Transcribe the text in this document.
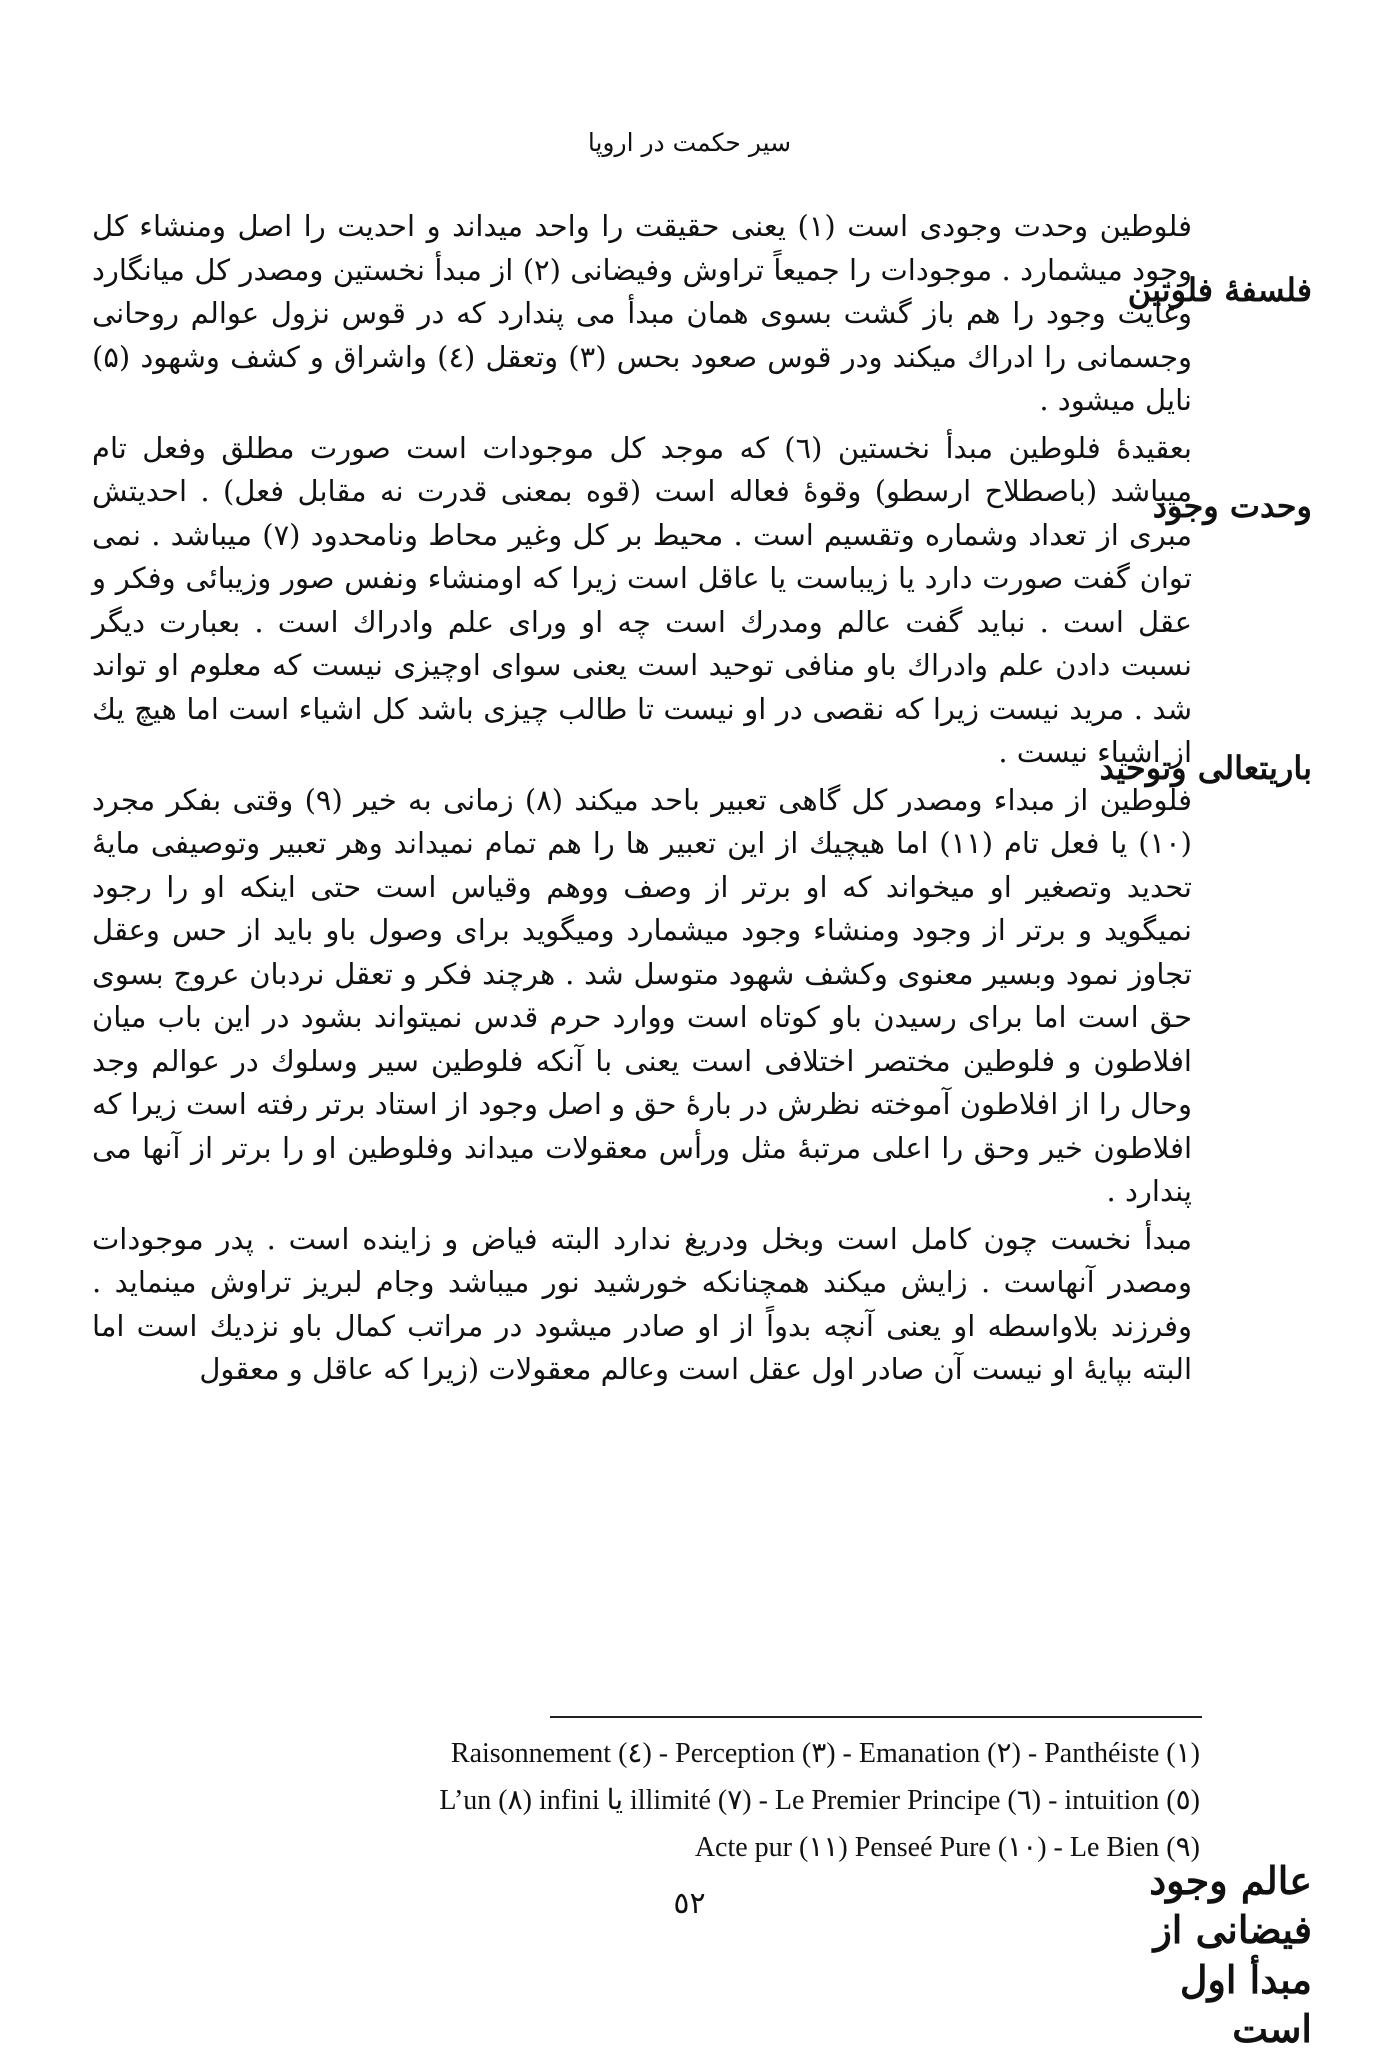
سیر حکمت در اروپا
فلسفهٔ فلوتین
وحدت وجود
باریتعالی وتوحید
عالم وجود فیضانی از مبدأ اول است

فلوطین وحدت وجودی است (۱) یعنی حقیقت را واحد میداند و احدیت را اصل ومنشاء کل وجود میشمارد . موجودات را جمیعاً تراوش وفیضانی (۲) از مبدأ نخستین ومصدر کل میانگارد وغایت وجود را هم باز گشت بسوی همان مبدأ می پندارد که در قوس نزول عوالم روحانی وجسمانی را ادراك میکند ودر قوس صعود بحس (۳) وتعقل (٤) واشراق و کشف وشهود (۵) نایل میشود .

بعقیدهٔ فلوطین مبدأ نخستین (٦) که موجد کل موجودات است صورت مطلق وفعل تام میباشد (باصطلاح ارسطو) وقوهٔ فعاله است (قوه بمعنی قدرت نه مقابل فعل) . احدیتش مبری از تعداد وشماره وتقسیم است . محیط بر کل وغیر محاط ونامحدود (۷) میباشد . نمی توان گفت صورت دارد یا زیباست یا عاقل است زیرا که اومنشاء ونفس صور وزیبائی وفکر و عقل است . نباید گفت عالم ومدرك است چه او ورای علم وادراك است . بعبارت دیگر نسبت دادن علم وادراك باو منافی توحید است یعنی سوای اوچیزی نیست که معلوم او تواند شد . مرید نیست زیرا که نقصی در او نیست تا طالب چیزی باشد کل اشیاء است اما هیچ یك از اشیاء نیست .

فلوطین از مبداء ومصدر کل گاهی تعبیر باحد میکند (۸) زمانی به خیر (۹) وقتی بفکر مجرد (۱۰) یا فعل تام (۱۱) اما هیچیك از این تعبیر ها را هم تمام نمیداند وهر تعبیر وتوصیفی مایهٔ تحدید وتصغیر او میخواند که او برتر از وصف ووهم وقیاس است حتی اینکه او را رجود نمیگوید و برتر از وجود ومنشاء وجود میشمارد ومیگوید برای وصول باو باید از حس وعقل تجاوز نمود وبسیر معنوی وکشف شهود متوسل شد . هرچند فکر و تعقل نردبان عروج بسوی حق است اما برای رسیدن باو کوتاه است ووارد حرم قدس نمیتواند بشود در این باب میان افلاطون و فلوطین مختصر اختلافی است یعنی با آنکه فلوطین سیر وسلوك در عوالم وجد وحال را از افلاطون آموخته نظرش در بارهٔ حق و اصل وجود از استاد برتر رفته است زیرا که افلاطون خیر وحق را اعلی مرتبهٔ مثل ورأس معقولات میداند وفلوطین او را برتر از آنها می پندارد .

مبدأ نخست چون کامل است وبخل ودریغ ندارد البته فیاض و زاینده است . پدر موجودات ومصدر آنهاست . زایش میکند همچنانکه خورشید نور میباشد وجام لبریز تراوش مینماید . وفرزند بلاواسطه او یعنی آنچه بدواً از او صادر میشود در مراتب کمال باو نزدیك است اما البته بپایهٔ او نیست آن صادر اول عقل است وعالم معقولات (زیرا که عاقل و معقول

Raisonnement (٤) - Perception (٣) - Emanation (٢) - Panthéiste (١)
L’un (٨) infini يا illimité (٧) - Le Premier Principe (٦) - intuition (٥)
Acte pur (١١) Penseé Pure (١٠) - Le Bien (٩)
٥٢
